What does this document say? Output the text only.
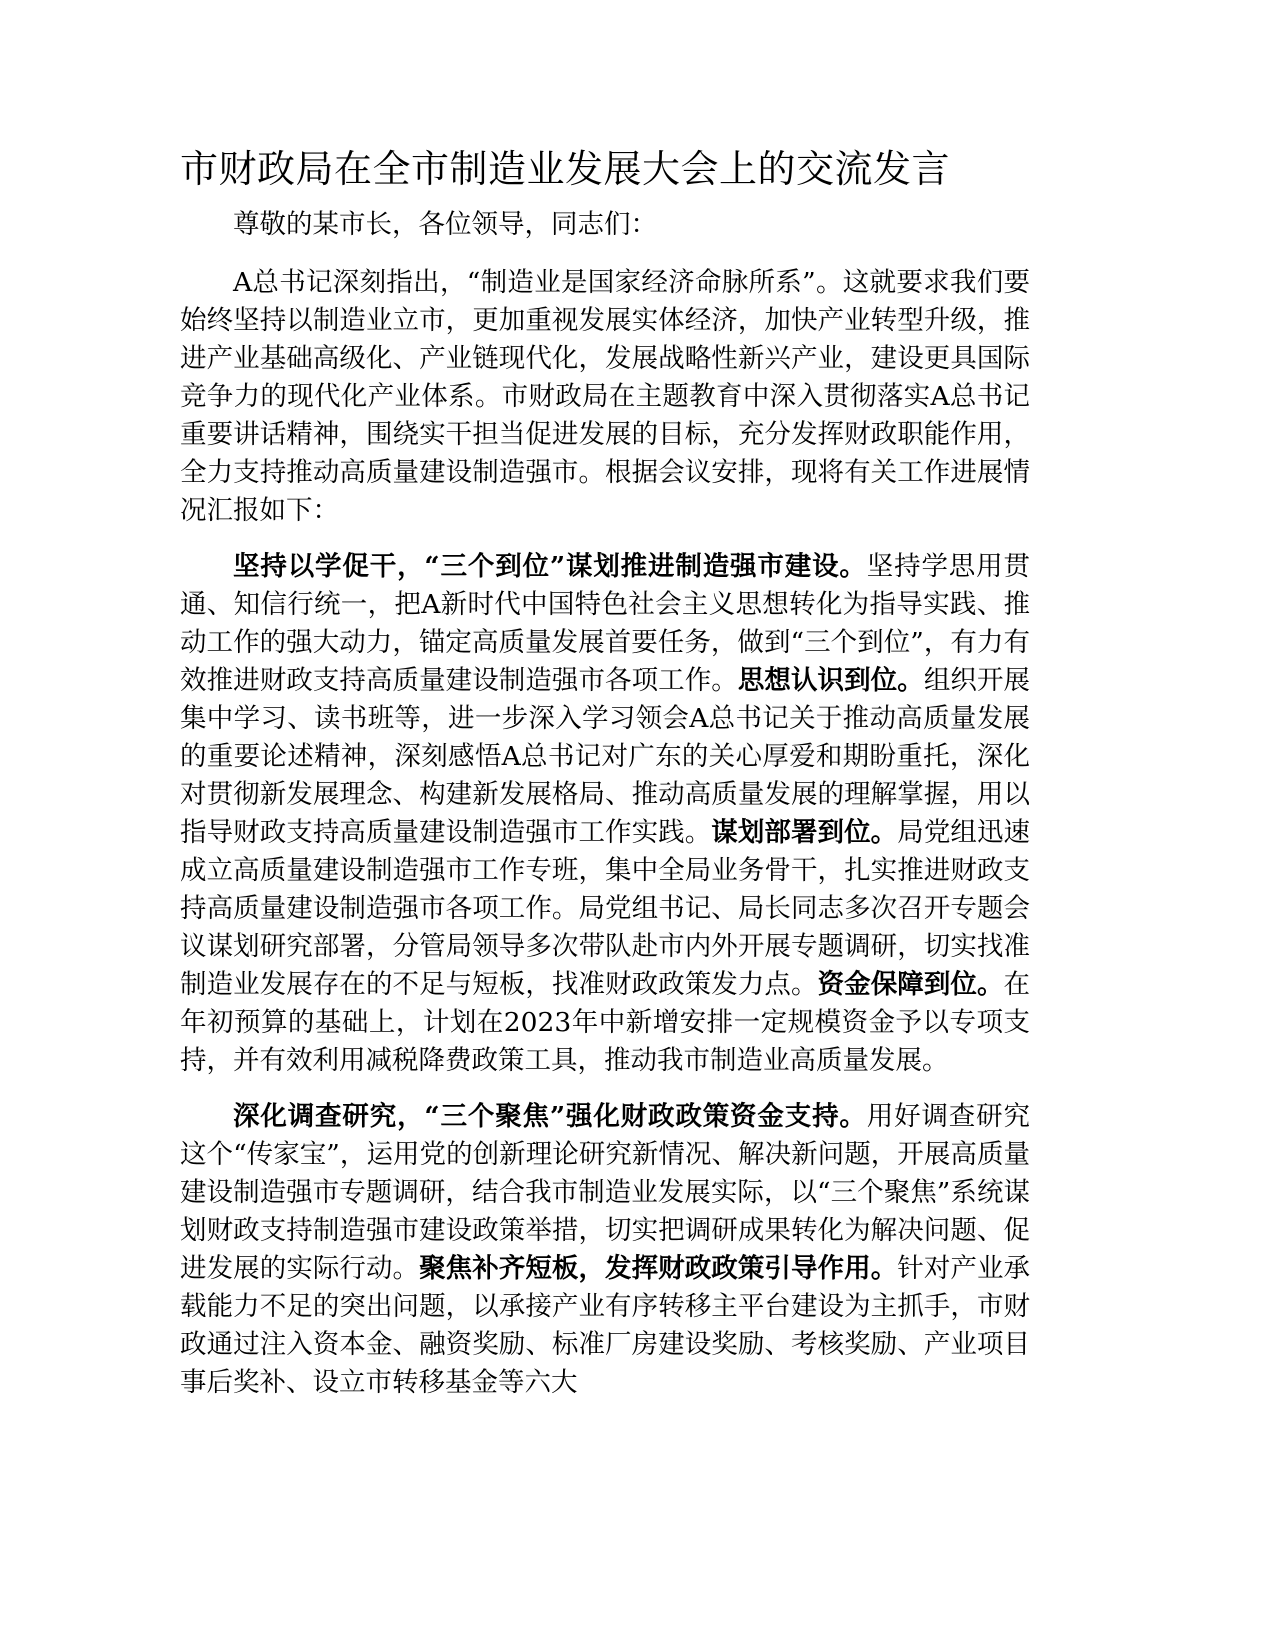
市财政局在全市制造业发展大会上的交流发言

尊敬的某市长，各位领导，同志们：

A总书记深刻指出，“制造业是国家经济命脉所系”。这就要求我们要始终坚持以制造业立市，更加重视发展实体经济，加快产业转型升级，推进产业基础高级化、产业链现代化，发展战略性新兴产业，建设更具国际竞争力的现代化产业体系。市财政局在主题教育中深入贯彻落实A总书记重要讲话精神，围绕实干担当促进发展的目标，充分发挥财政职能作用，全力支持推动高质量建设制造强市。根据会议安排，现将有关工作进展情况汇报如下：

坚持以学促干，“三个到位”谋划推进制造强市建设。坚持学思用贯通、知信行统一，把A新时代中国特色社会主义思想转化为指导实践、推动工作的强大动力，锚定高质量发展首要任务，做到“三个到位”，有力有效推进财政支持高质量建设制造强市各项工作。思想认识到位。组织开展集中学习、读书班等，进一步深入学习领会A总书记关于推动高质量发展的重要论述精神，深刻感悟A总书记对广东的关心厚爱和期盼重托，深化对贯彻新发展理念、构建新发展格局、推动高质量发展的理解掌握，用以指导财政支持高质量建设制造强市工作实践。谋划部署到位。局党组迅速成立高质量建设制造强市工作专班，集中全局业务骨干，扎实推进财政支持高质量建设制造强市各项工作。局党组书记、局长同志多次召开专题会议谋划研究部署，分管局领导多次带队赴市内外开展专题调研，切实找准制造业发展存在的不足与短板，找准财政政策发力点。资金保障到位。在年初预算的基础上，计划在2023年中新增安排一定规模资金予以专项支持，并有效利用减税降费政策工具，推动我市制造业高质量发展。

深化调查研究，“三个聚焦”强化财政政策资金支持。用好调查研究这个“传家宝”，运用党的创新理论研究新情况、解决新问题，开展高质量建设制造强市专题调研，结合我市制造业发展实际，以“三个聚焦”系统谋划财政支持制造强市建设政策举措，切实把调研成果转化为解决问题、促进发展的实际行动。聚焦补齐短板，发挥财政政策引导作用。针对产业承载能力不足的突出问题，以承接产业有序转移主平台建设为主抓手，市财政通过注入资本金、融资奖励、标准厂房建设奖励、考核奖励、产业项目事后奖补、设立市转移基金等六大
